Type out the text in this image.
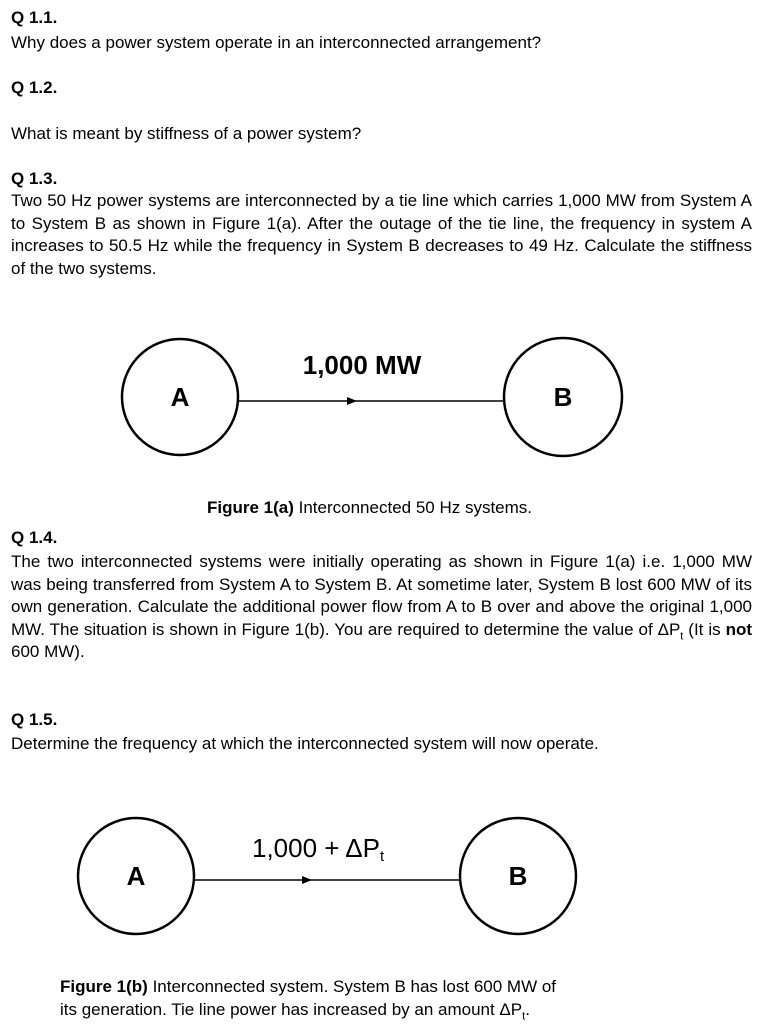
Q 1.1.

Why does a power system operate in an interconnected arrangement?

Q 1.2.

What is meant by stiffness of a power system?

Q 1.3.

Two 50 Hz power systems are interconnected by a tie line which carries 1,000 MW from System A to System B as shown in Figure 1(a). After the outage of the tie line, the frequency in system A increases to 50.5 Hz while the frequency in System B decreases to 49 Hz. Calculate the stiffness of the two systems.

Q 1.4.

The two interconnected systems were initially operating as shown in Figure 1(a) i.e. 1,000 MW was being transferred from System A to System B. At sometime later, System B lost 600 MW of its own generation. Calculate the additional power flow from A to B over and above the original 1,000 MW. The situation is shown in Figure 1(b). You are required to determine the value of $\Delta P_t$ (It is not 600 MW).

Q 1.5.

Determine the frequency at which the interconnected system will now operate.

A	B
1,000 MW

Figure 1(a) Interconnected 50 Hz systems.

A	B
1,000 + ΔPt

Figure 1(b) Interconnected system. System B has lost 600 MW of
its generation. Tie line power has increased by an amount $\Delta P_t$.
